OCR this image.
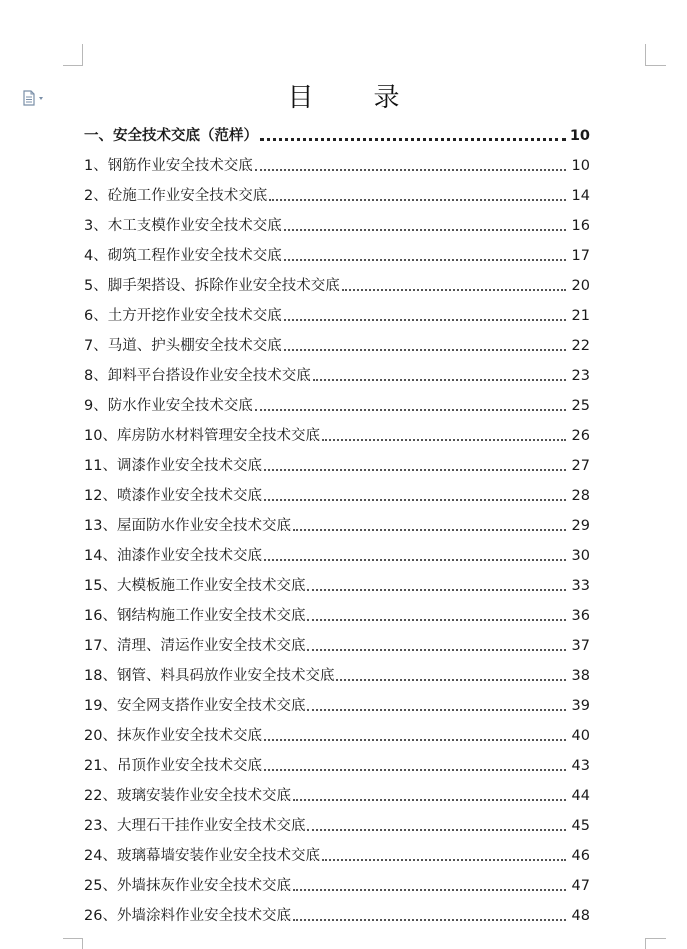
目录
一、安全技术交底（范样）	10
1、钢筋作业安全技术交底	10
2、砼施工作业安全技术交底	14
3、木工支模作业安全技术交底	16
4、砌筑工程作业安全技术交底	17
5、脚手架搭设、拆除作业安全技术交底	20
6、土方开挖作业安全技术交底	21
7、马道、护头棚安全技术交底	22
8、卸料平台搭设作业安全技术交底	23
9、防水作业安全技术交底	25
10、库房防水材料管理安全技术交底	26
11、调漆作业安全技术交底	27
12、喷漆作业安全技术交底	28
13、屋面防水作业安全技术交底	29
14、油漆作业安全技术交底	30
15、大模板施工作业安全技术交底	33
16、钢结构施工作业安全技术交底	36
17、清理、清运作业安全技术交底	37
18、钢管、料具码放作业安全技术交底	38
19、安全网支搭作业安全技术交底	39
20、抹灰作业安全技术交底	40
21、吊顶作业安全技术交底	43
22、玻璃安装作业安全技术交底	44
23、大理石干挂作业安全技术交底	45
24、玻璃幕墙安装作业安全技术交底	46
25、外墙抹灰作业安全技术交底	47
26、外墙涂料作业安全技术交底	48
